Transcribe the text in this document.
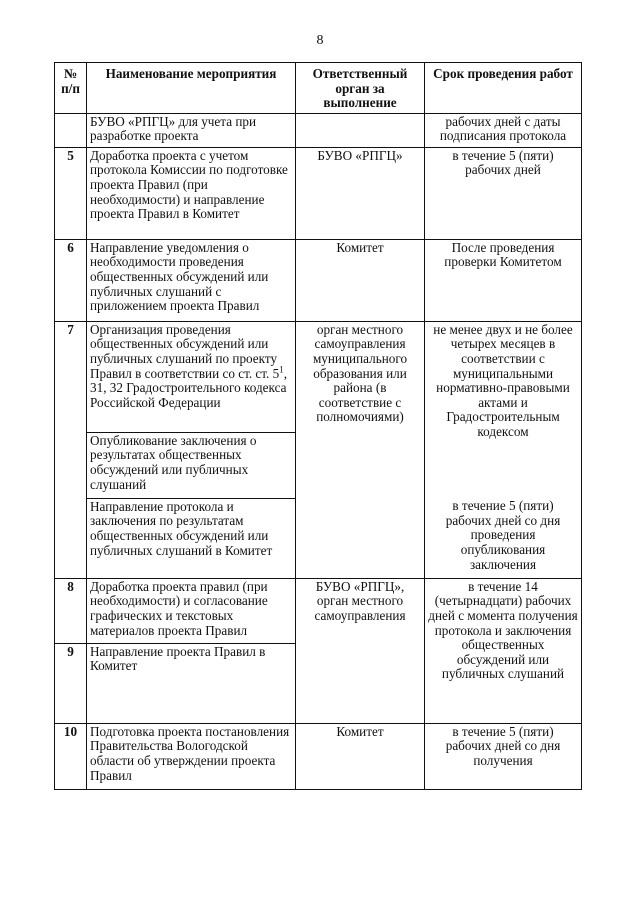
8
№ п/п	Наименование мероприятия	Ответственный орган за выполнение	Срок проведения работ
	БУВО «РПГЦ» для учета при разработке проекта		рабочих дней с даты подписания протокола
5	Доработка проекта с учетом протокола Комиссии по подготовке проекта Правил (при необходимости) и направление проекта Правил в Комитет	БУВО «РПГЦ»	в течение 5 (пяти) рабочих дней
6	Направление уведомления о необходимости проведения общественных обсуждений или публичных слушаний с приложением проекта Правил	Комитет	После проведения проверки Комитетом
7	Организация проведения общественных обсуждений или публичных слушаний по проекту Правил в соответствии со ст. ст. $5^1$, 31, 32 Градостроительного кодекса Российской Федерации	орган местного самоуправления муниципального образования или района (в соответствие с полномочиями)	не менее двух и не более четырех месяцев в соответствии с муниципальными нормативно-правовыми актами и Градостроительным кодексом
	Опубликование заключения о результатах общественных обсуждений или публичных слушаний		
	Направление протокола и заключения по результатам общественных обсуждений или публичных слушаний в Комитет		в течение 5 (пяти) рабочих дней со дня проведения опубликования заключения
8	Доработка проекта правил (при необходимости) и согласование графических и текстовых материалов проекта Правил	БУВО «РПГЦ», орган местного самоуправления	в течение 14 (четырнадцати) рабочих дней с момента получения протокола и заключения общественных обсуждений или публичных слушаний
9	Направление проекта Правил в Комитет		
10	Подготовка проекта постановления Правительства Вологодской области об утверждении проекта Правил	Комитет	в течение 5 (пяти) рабочих дней со дня получения
